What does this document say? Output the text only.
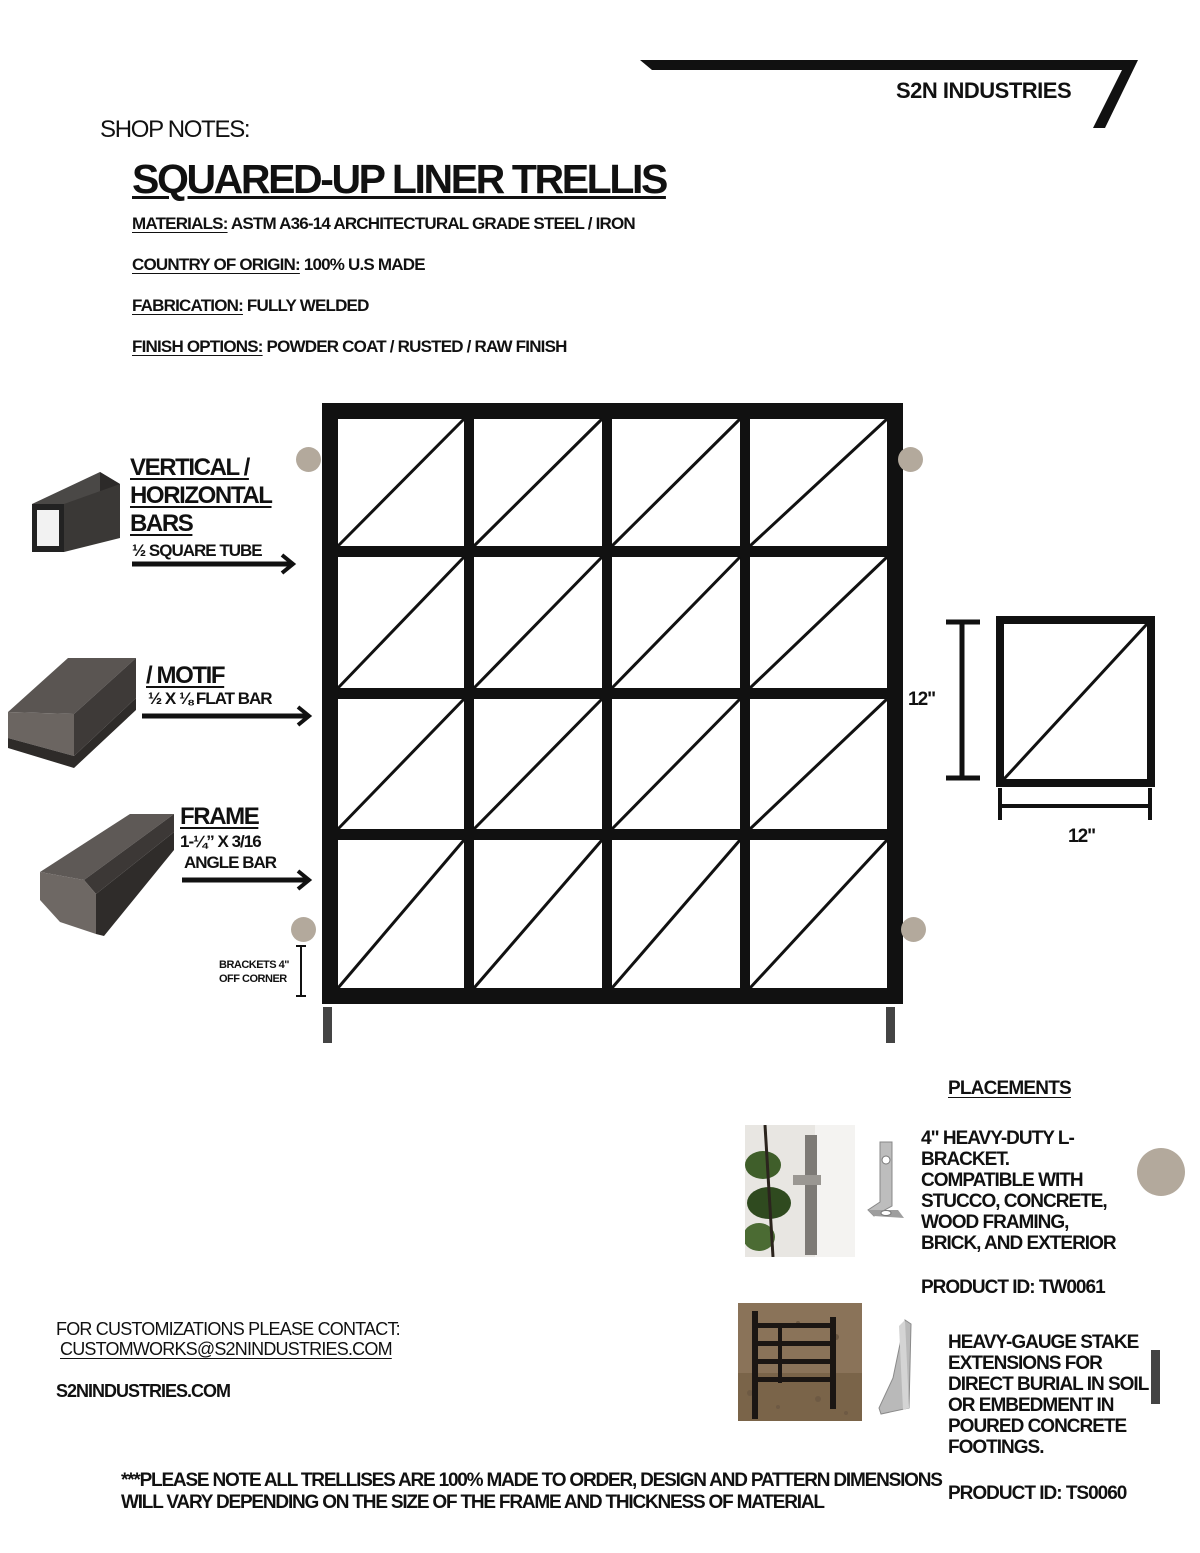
S2N INDUSTRIES
SHOP NOTES:
SQUARED-UP LINER TRELLIS
MATERIALS: ASTM A36-14 ARCHITECTURAL GRADE STEEL / IRON
COUNTRY OF ORIGIN: 100% U.S MADE
FABRICATION: FULLY WELDED
FINISH OPTIONS: POWDER COAT / RUSTED / RAW FINISH
BRACKETS 4"
OFF CORNER
VERTICAL /
HORIZONTAL
BARS
½ SQUARE TUBE
/ MOTIF
½ X ⅛ FLAT BAR
FRAME
1-¼” X 3/16
ANGLE BAR
12"
12"
PLACEMENTS
4" HEAVY-DUTY L-
BRACKET.
COMPATIBLE WITH
STUCCO, CONCRETE,
WOOD FRAMING,
BRICK, AND EXTERIOR
PRODUCT ID: TW0061
HEAVY-GAUGE STAKE
EXTENSIONS FOR
DIRECT BURIAL IN SOIL
OR EMBEDMENT IN
POURED CONCRETE
FOOTINGS.
PRODUCT ID: TS0060
FOR CUSTOMIZATIONS PLEASE CONTACT:
CUSTOMWORKS@S2NINDUSTRIES.COM
S2NINDUSTRIES.COM
***PLEASE NOTE ALL TRELLISES ARE 100% MADE TO ORDER, DESIGN AND PATTERN DIMENSIONS
WILL VARY DEPENDING ON THE SIZE OF THE FRAME AND THICKNESS OF MATERIAL
